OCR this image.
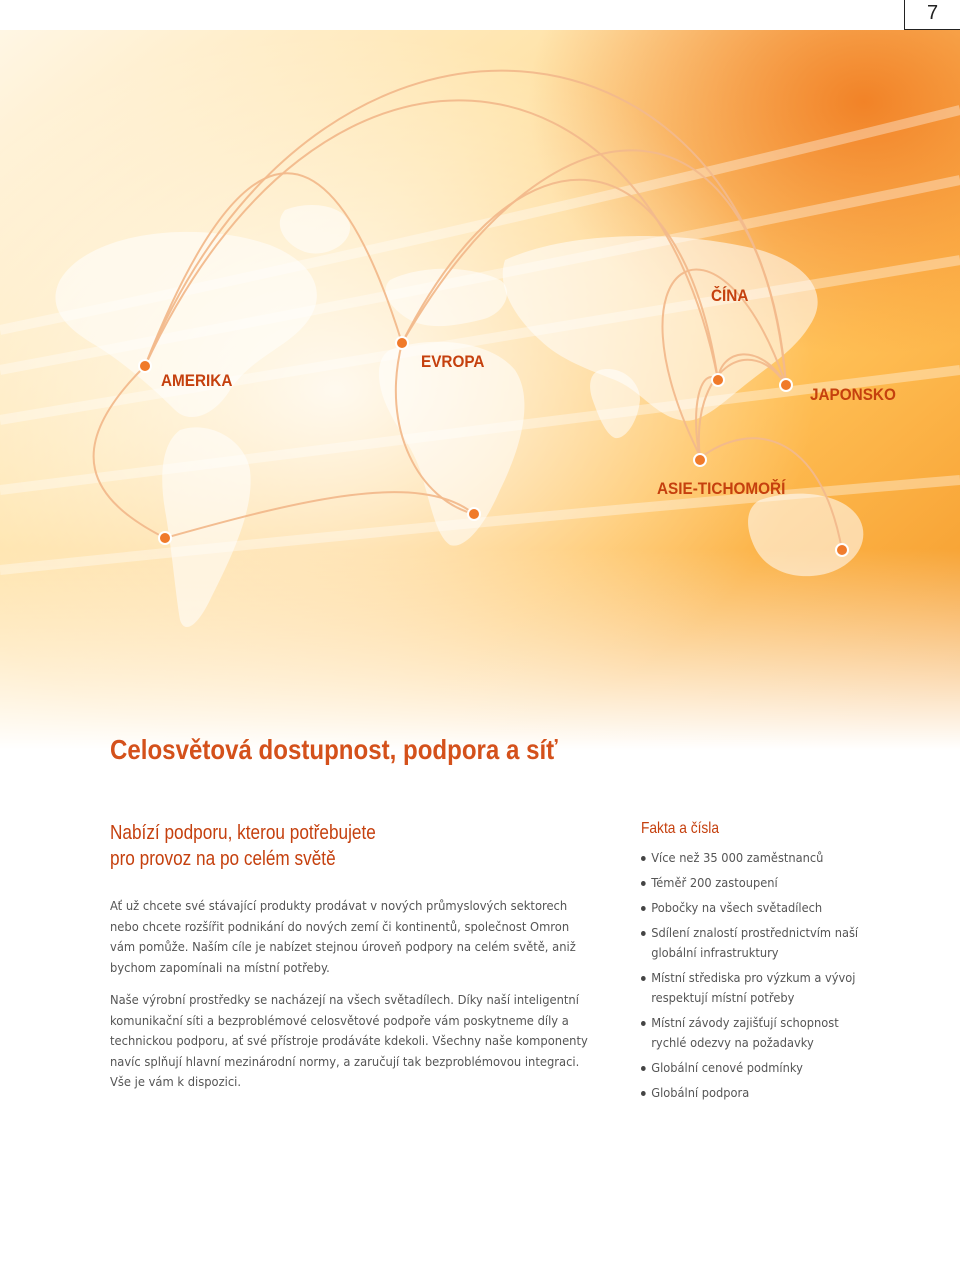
7
AMERIKA
EVROPA
ČÍNA
JAPONSKO
ASIE-TICHOMOŘÍ
Celosvětová dostupnost, podpora a síť
Nabízí podporu, kterou potřebujete
pro provoz na po celém světě

Ať už chcete své stávající produkty prodávat v nových průmyslových sektorech nebo chcete rozšířit podnikání do nových zemí či kontinentů, společnost Omron vám pomůže. Naším cíle je nabízet stejnou úroveň podpory na celém světě, aniž bychom zapomínali na místní potřeby.

Naše výrobní prostředky se nacházejí na všech světadílech. Díky naší inteligentní komunikační síti a bezproblémové celosvětové podpoře vám poskytneme díly a technickou podporu, ať své přístroje prodáváte kdekoli. Všechny naše komponenty navíc splňují hlavní mezinárodní normy, a zaručují tak bezproblémovou integraci. Vše je vám k dispozici.

Fakta a čísla
Více než 35 000 zaměstnanců
Téměř 200 zastoupení
Pobočky na všech světadílech
Sdílení znalostí prostřednictvím naší globální infrastruktury
Místní střediska pro výzkum a vývoj respektují místní potřeby
Místní závody zajišťují schopnost rychlé odezvy na požadavky
Globální cenové podmínky
Globální podpora
